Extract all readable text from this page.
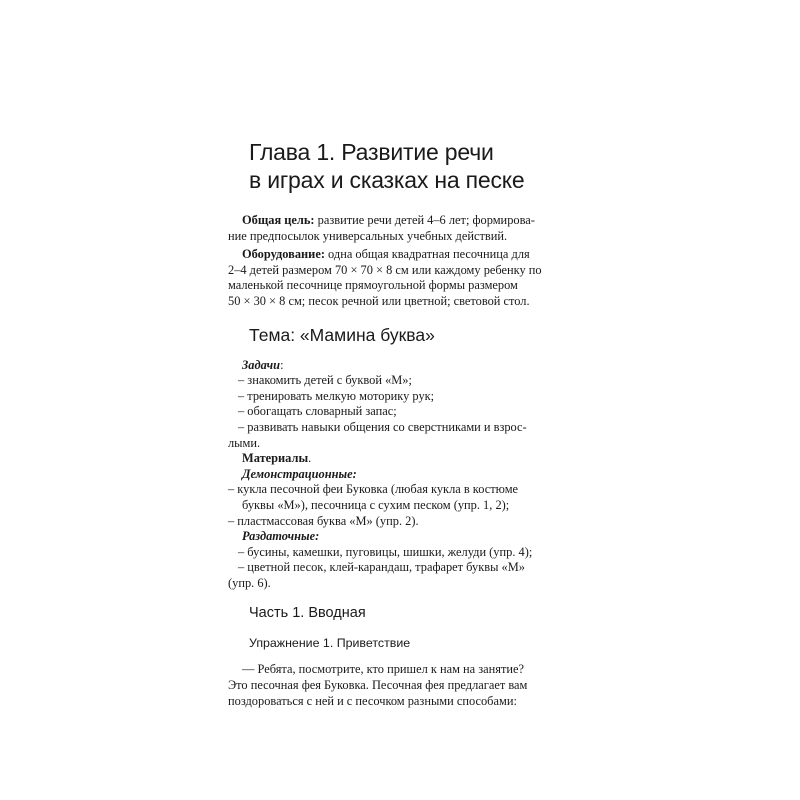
Глава 1. Развитие речи
в играх и сказках на песке

Общая цель: развитие речи детей 4–6 лет; формирова-
ние предпосылок универсальных учебных действий.

Оборудование: одна общая квадратная песочница для
2–4 детей размером 70 × 70 × 8 см или каждому ребенку по
маленькой песочнице прямоугольной формы размером
50 × 30 × 8 см; песок речной или цветной; световой стол.

Тема: «Мамина буква»

Задачи:

– знакомить детей с буквой «М»;

– тренировать мелкую моторику рук;

– обогащать словарный запас;

– развивать навыки общения со сверстниками и взрос-

лыми.

Материалы.

Демонстрационные:

– кукла песочной феи Буковка (любая кукла в костюме

буквы «М»), песочница с сухим песком (упр. 1, 2);

– пластмассовая буква «М» (упр. 2).

Раздаточные:

– бусины, камешки, пуговицы, шишки, желуди (упр. 4);

– цветной песок, клей-карандаш, трафарет буквы «М»

(упр. 6).

Часть 1. Вводная
Упражнение 1. Приветствие

— Ребята, посмотрите, кто пришел к нам на занятие?

Это песочная фея Буковка. Песочная фея предлагает вам

поздороваться с ней и с песочком разными способами:
